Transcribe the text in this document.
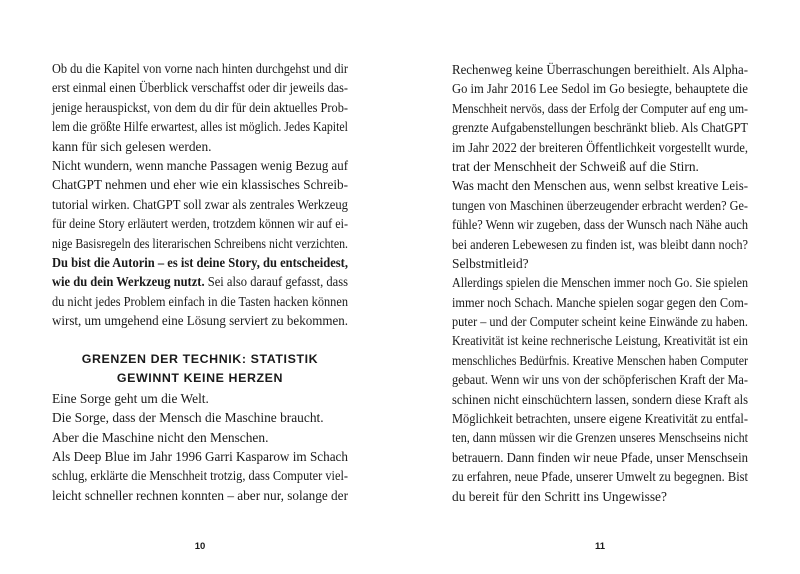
Ob du die Kapitel von vorne nach hinten durchgehst und dir
erst einmal einen Überblick verschaffst oder dir jeweils das-
jenige herauspickst, von dem du dir für dein aktuelles Prob-
lem die größte Hilfe erwartest, alles ist möglich. Jedes Kapitel
kann für sich gelesen werden.
Nicht wundern, wenn manche Passagen wenig Bezug auf
ChatGPT nehmen und eher wie ein klassisches Schreib-
tutorial wirken. ChatGPT soll zwar als zentrales Werkzeug
für deine Story erläutert werden, trotzdem können wir auf ei-
nige Basisregeln des literarischen Schreibens nicht verzichten.
Du bist die Autorin – es ist deine Story, du entscheidest,
wie du dein Werkzeug nutzt. Sei also darauf gefasst, dass
du nicht jedes Problem einfach in die Tasten hacken können
wirst, um umgehend eine Lösung serviert zu bekommen.
GRENZEN DER TECHNIK: STATISTIK
GEWINNT KEINE HERZEN
Eine Sorge geht um die Welt.
Die Sorge, dass der Mensch die Maschine braucht.
Aber die Maschine nicht den Menschen.
Als Deep Blue im Jahr 1996 Garri Kasparow im Schach
schlug, erklärte die Menschheit trotzig, dass Computer viel-
leicht schneller rechnen konnten – aber nur, solange der
10
Rechenweg keine Überraschungen bereithielt. Als Alpha-
Go im Jahr 2016 Lee Sedol im Go besiegte, behauptete die
Menschheit nervös, dass der Erfolg der Computer auf eng um-
grenzte Aufgabenstellungen beschränkt blieb. Als ChatGPT
im Jahr 2022 der breiteren Öffentlichkeit vorgestellt wurde,
trat der Menschheit der Schweiß auf die Stirn.
Was macht den Menschen aus, wenn selbst kreative Leis-
tungen von Maschinen überzeugender erbracht werden? Ge-
fühle? Wenn wir zugeben, dass der Wunsch nach Nähe auch
bei anderen Lebewesen zu finden ist, was bleibt dann noch?
Selbstmitleid?
Allerdings spielen die Menschen immer noch Go. Sie spielen
immer noch Schach. Manche spielen sogar gegen den Com-
puter – und der Computer scheint keine Einwände zu haben.
Kreativität ist keine rechnerische Leistung, Kreativität ist ein
menschliches Bedürfnis. Kreative Menschen haben Computer
gebaut. Wenn wir uns von der schöpferischen Kraft der Ma-
schinen nicht einschüchtern lassen, sondern diese Kraft als
Möglichkeit betrachten, unsere eigene Kreativität zu entfal-
ten, dann müssen wir die Grenzen unseres Menschseins nicht
betrauern. Dann finden wir neue Pfade, unser Menschsein
zu erfahren, neue Pfade, unserer Umwelt zu begegnen. Bist
du bereit für den Schritt ins Ungewisse?
11
